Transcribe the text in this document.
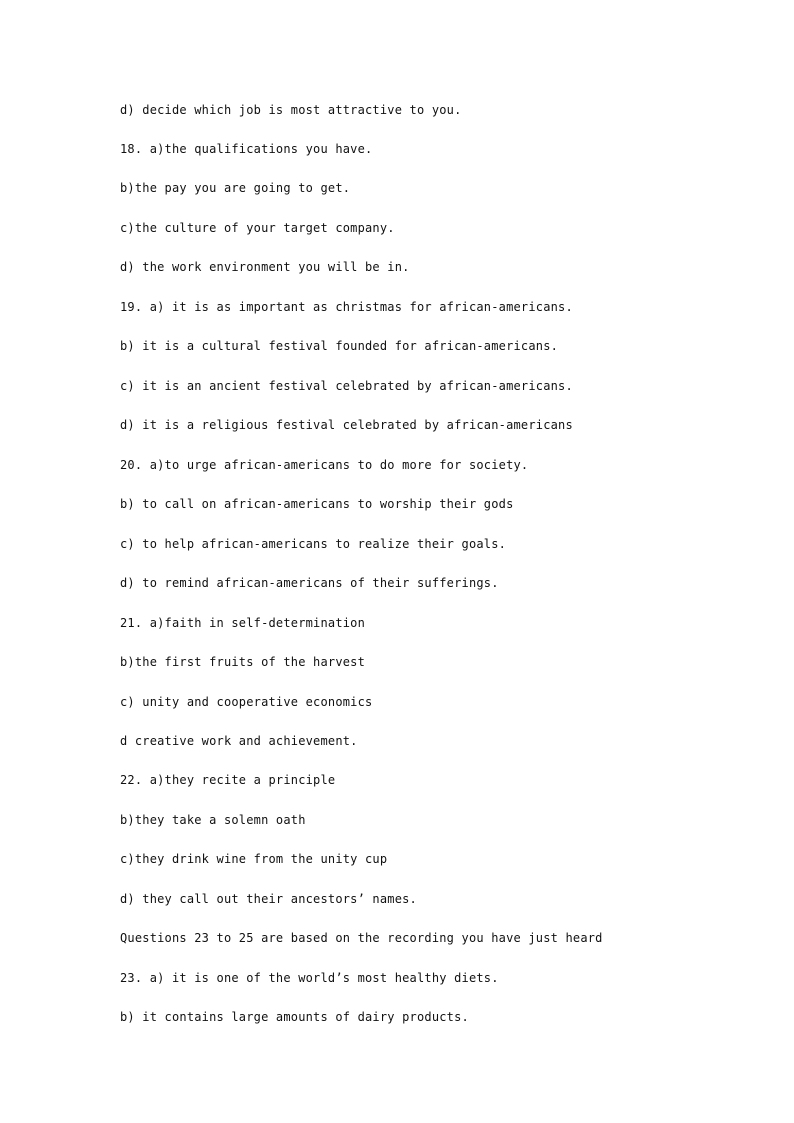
d) decide which job is most attractive to you.

18. a)the qualifications you have.

b)the pay you are going to get.

c)the culture of your target company.

d) the work environment you will be in.

19. a) it is as important as christmas for african-americans.

b) it is a cultural festival founded for african-americans.

c) it is an ancient festival celebrated by african-americans.

d) it is a religious festival celebrated by african-americans

20. a)to urge african-americans to do more for society.

b) to call on african-americans to worship their gods

c) to help african-americans to realize their goals.

d) to remind african-americans of their sufferings.

21. a)faith in self-determination

b)the first fruits of the harvest

c) unity and cooperative economics

d creative work and achievement.

22. a)they recite a principle

b)they take a solemn oath

c)they drink wine from the unity cup

d) they call out their ancestors’ names.

Questions 23 to 25 are based on the recording you have just heard

23. a) it is one of the world’s most healthy diets.

b) it contains large amounts of dairy products.
